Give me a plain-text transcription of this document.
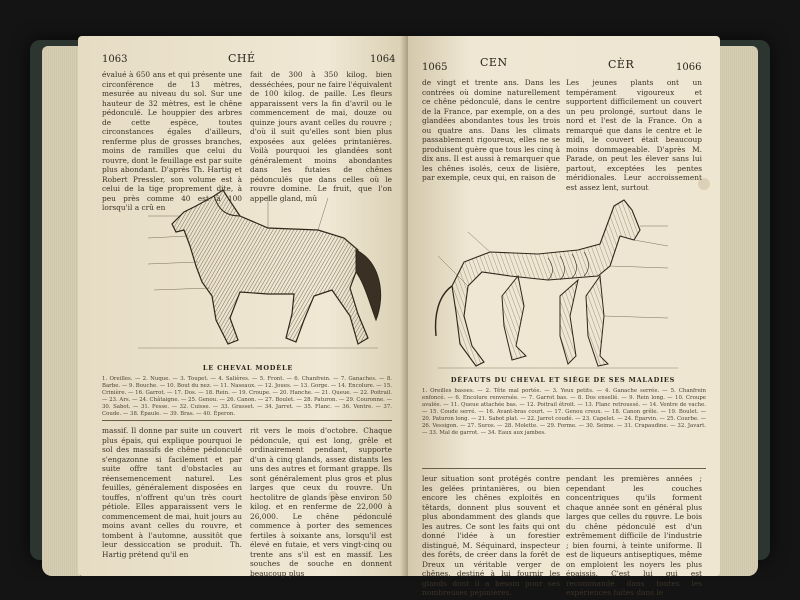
1063	CHÉ	1064

évalué à 650 ans et qui présente une circonférence de 13 mètres, mesurée au niveau du sol. Sur une hauteur de 32 mètres, est le chêne pédonculé. Le houppier des arbres de cette espèce, toutes circonstances égales d'ailleurs, renferme plus de grosses branches, moins de ramilles que celui du rouvre, dont le feuillage est par suite plus abondant. D'après Th. Hartig et Robert Pressler, son volume est à celui de la tige proprement dite, à peu près comme 40 est à 100 lorsqu'il a crû en

fait de 300 à 350 kilog. bien desséchées, pour ne faire l'équivalent de 100 kilog. de paille. Les fleurs apparaissent vers la fin d'avril ou le commencement de mai, douze ou quinze jours avant celles du rouvre ; d'où il suit qu'elles sont bien plus exposées aux gelées printanières. Voilà pourquoi les glandées sont généralement moins abondantes dans les futaies de chênes pédonculés que dans celles où le rouvre domine. Le fruit, que l'on appelle gland, mû

LE CHEVAL MODÈLE
1. Oreilles. — 2. Nuque. — 3. Toupet. — 4. Salières. — 5. Front. — 6. Chanfrein. — 7. Ganaches. — 8. Barbe. — 9. Bouche. — 10. Bout du nez. — 11. Naseaux. — 12. Joues. — 13. Gorge. — 14. Encolure. — 15. Crinière. — 16. Garrot. — 17. Dos. — 18. Rein. — 19. Croupe. — 20. Hanche. — 21. Queue. — 22. Poitrail. — 23. Ars. — 24. Châtaigne. — 25. Genou. — 26. Canon. — 27. Boulet. — 28. Paturon. — 29. Couronne. — 30. Sabot. — 31. Fesse. — 32. Cuisse. — 33. Grasset. — 34. Jarret. — 35. Flanc. — 36. Ventre. — 37. Coude. — 38. Épaule. — 39. Bras. — 40. Éperon.

massif. Il donne par suite un couvert plus épais, qui explique pourquoi le sol des massifs de chêne pédonculé s'engazonne si facilement et par suite offre tant d'obstacles au réensemencement naturel. Les feuilles, généralement disposées en touffes, n'offrent qu'un très court pétiole. Elles apparaissent vers le commencement de mai, huit jours au moins avant celles du rouvre, et tombent à l'automne, aussitôt que leur dessiccation se produit. Th. Hartig prétend qu'il en

rit vers le mois d'octobre. Chaque pédoncule, qui est long, grêle et ordinairement pendant, supporte d'un à cinq glands, assez distants les uns des autres et formant grappe. Ils sont généralement plus gros et plus larges que ceux du rouvre. Un hectolitre de glands pèse environ 50 kilog. et en renferme de 22,000 à 26,000. Le chêne pédonculé commence à porter des semences fertiles à soixante ans, lorsqu'il est élevé en futaie, et vers vingt-cinq ou trente ans s'il est en massif. Les souches de souche en donnent beaucoup plus

1065	CEN	CÈR	1066

de vingt et trente ans. Dans les contrées où domine naturellement ce chêne pédonculé, dans le centre de la France, par exemple, on a des glandées abondantes tous les trois ou quatre ans. Dans les climats passablement rigoureux, elles ne se produisent guère que tous les cinq à dix ans. Il est aussi à remarquer que les chênes isolés, ceux de lisière, par exemple, ceux qui, en raison de

Les jeunes plants ont un tempérament vigoureux et supportent difficilement un couvert un peu prolongé, surtout dans le nord et l'est de la France. On a remarqué que dans le centre et le midi, le couvert était beaucoup moins dommageable. D'après M. Parade, on peut les élever sans lui partout, exceptées les pentes méridionales. Leur accroissement est assez lent, surtout

DÉFAUTS DU CHEVAL ET SIÈGE DE SES MALADIES
1. Oreilles basses. — 2. Tête mal portée. — 3. Yeux petits. — 4. Ganache serrée. — 5. Chanfrein enfoncé. — 6. Encolure renversée. — 7. Garrot bas. — 8. Dos ensellé. — 9. Rein long. — 10. Croupe avalée. — 11. Queue attachée bas. — 12. Poitrail étroit. — 13. Flanc retroussé. — 14. Ventre de vache. — 15. Coude serré. — 16. Avant-bras court. — 17. Genou creux. — 18. Canon grêle. — 19. Boulet. — 20. Paturon long. — 21. Sabot plat. — 22. Jarret coudé. — 23. Capelet. — 24. Éparvin. — 25. Courbe. — 26. Vessigon. — 27. Suros. — 28. Molette. — 29. Forme. — 30. Seime. — 31. Crapaudine. — 32. Javart. — 33. Mal de garrot. — 34. Eaux aux jambes.

leur situation sont protégés contre les gelées printanières, ou bien encore les chênes exploités en têtards, donnent plus souvent et plus abondamment des glands que les autres. Ce sont les faits qui ont donné l'idée à un forestier distingué, M. Séquinard, inspecteur des forêts, de créer dans la forêt de Dreux un véritable verger de chênes, destiné à lui fournir les glands dont il a besoin pour ses nombreuses pépinières.

pendant les premières années ; cependant les couches concentriques qu'ils forment chaque année sont en général plus larges que celles du rouvre. Le bois du chêne pédonculé est d'un extrêmement difficile de l'industrie ; bien fourni, à teinte uniforme. Il est de liqueurs antiseptiques, même on emploient les noyers les plus épaissis. C'est lui qui est recommandé dans toutes les expériences faites dans le
